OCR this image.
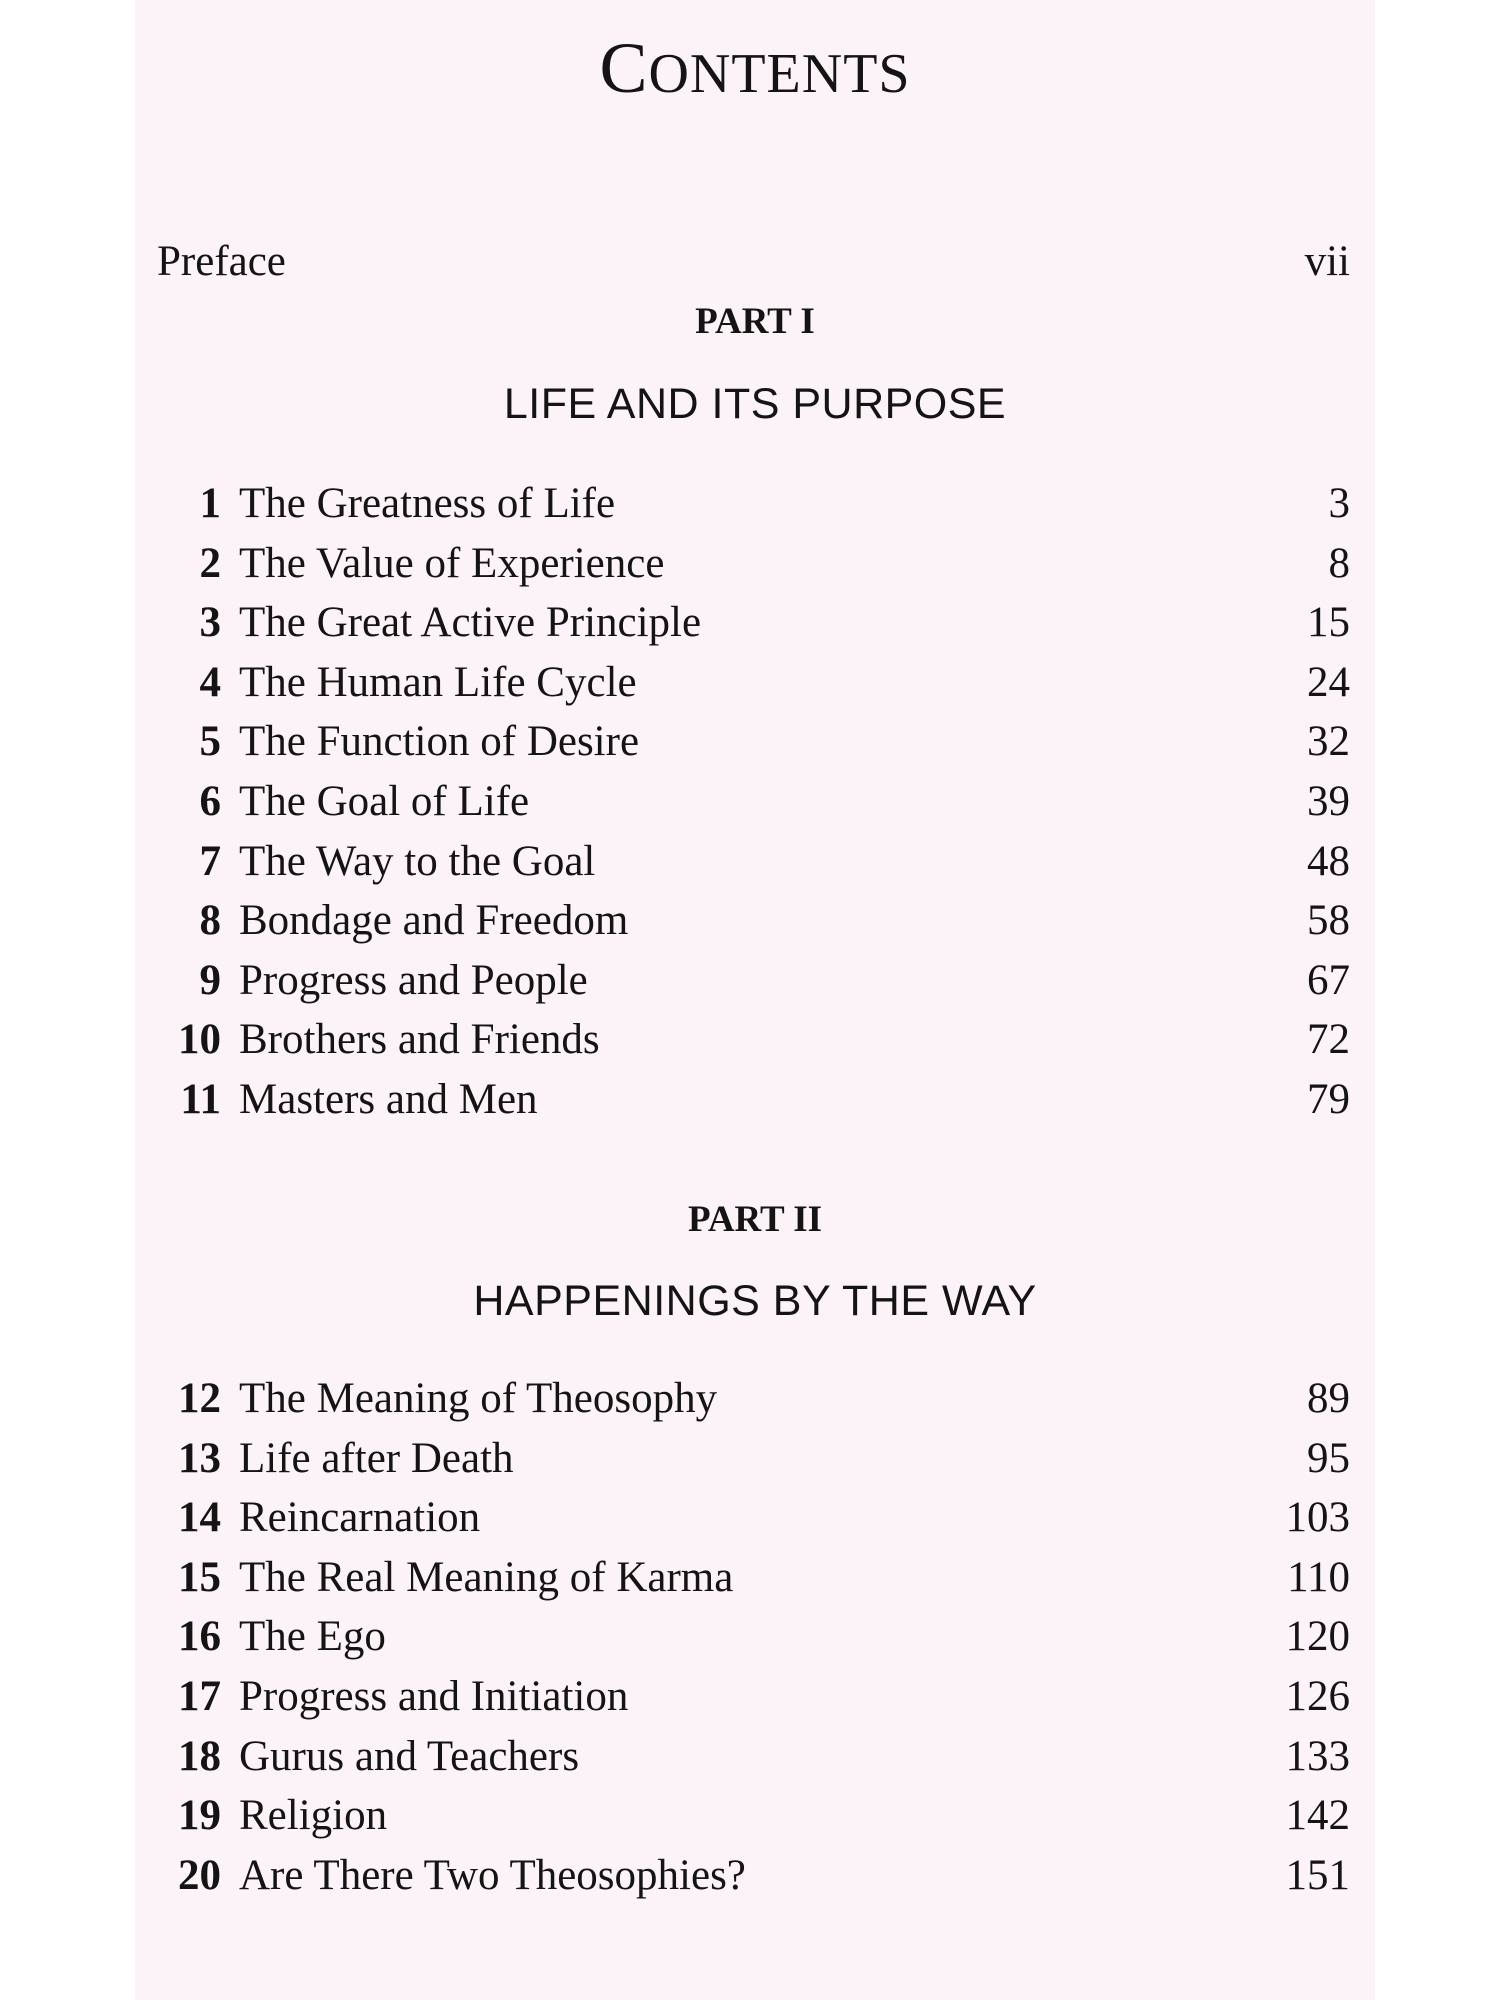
CONTENTS
Preface	vii
PART I
LIFE AND ITS PURPOSE
1 The Greatness of Life	3
2 The Value of Experience	8
3 The Great Active Principle	15
4 The Human Life Cycle	24
5 The Function of Desire	32
6 The Goal of Life	39
7 The Way to the Goal	48
8 Bondage and Freedom	58
9 Progress and People	67
10 Brothers and Friends	72
11 Masters and Men	79
PART II
HAPPENINGS BY THE WAY
12 The Meaning of Theosophy	89
13 Life after Death	95
14 Reincarnation	103
15 The Real Meaning of Karma	110
16 The Ego	120
17 Progress and Initiation	126
18 Gurus and Teachers	133
19 Religion	142
20 Are There Two Theosophies?	151
